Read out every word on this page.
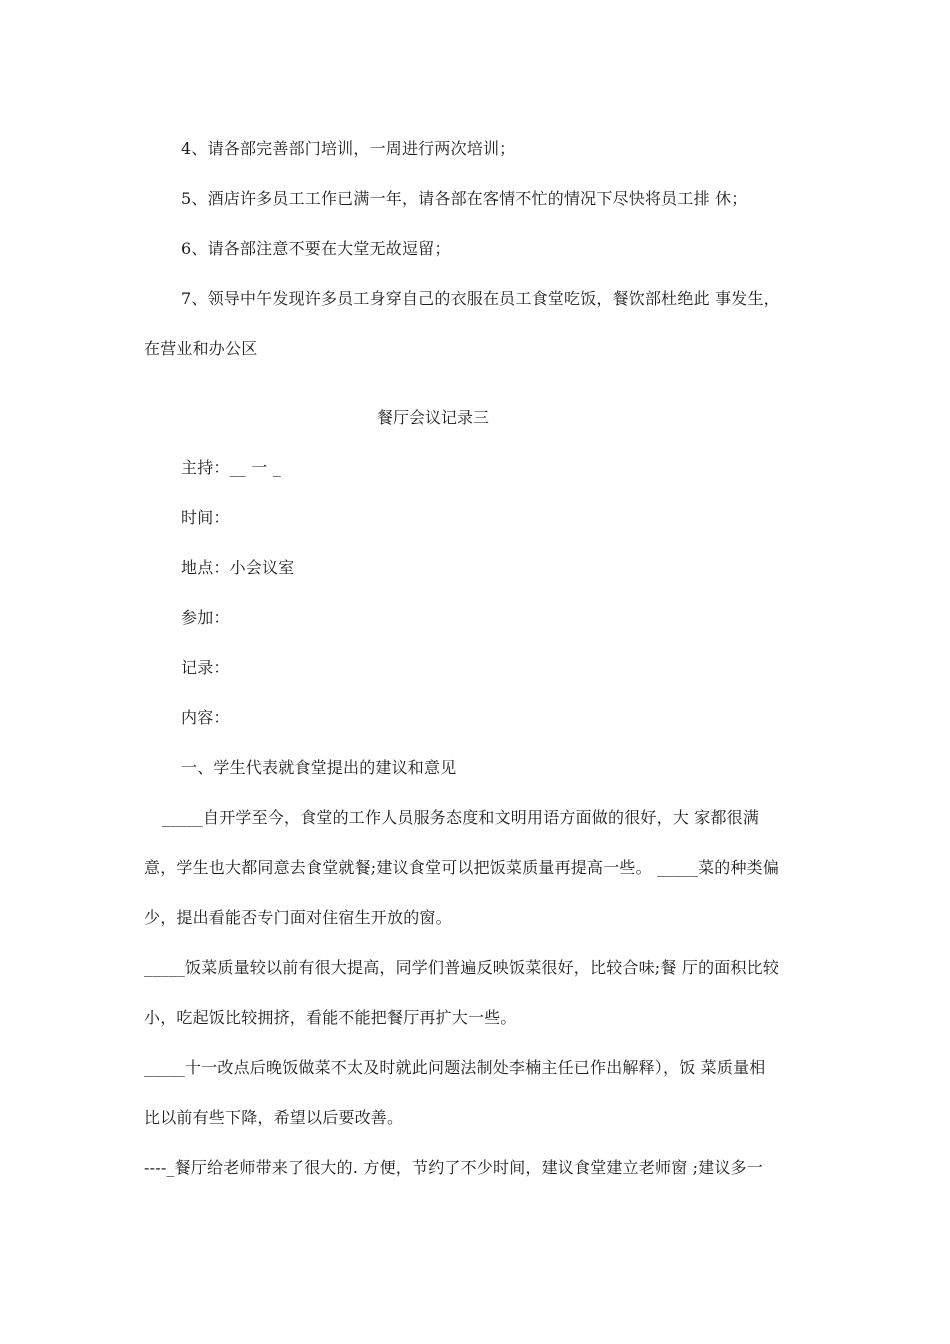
4、请各部完善部门培训，一周进行两次培训；
5、酒店许多员工工作已满一年，请各部在客情不忙的情况下尽快将员工排 休；
6、请各部注意不要在大堂无故逗留；
7、领导中午发现许多员工身穿自己的衣服在员工食堂吃饭，餐饮部杜绝此 事发生，
在营业和办公区
餐厅会议记录三
主持：__ 一 _
时间：
地点：小会议室
参加：
记录：
内容：
一、学生代表就食堂提出的建议和意见
_____自开学至今，食堂的工作人员服务态度和文明用语方面做的很好，大 家都很满
意，学生也大都同意去食堂就餐;建议食堂可以把饭菜质量再提高一些。 _____菜的种类偏
少，提出看能否专门面对住宿生开放的窗。
_____饭菜质量较以前有很大提高，同学们普遍反映饭菜很好，比较合味;餐 厅的面积比较
小，吃起饭比较拥挤，看能不能把餐厅再扩大一些。
_____十一改点后晚饭做菜不太及时就此问题法制处李楠主任已作出解释），饭 菜质量相
比以前有些下降，希望以后要改善。
----_餐厅给老师带来了很大的. 方便，节约了不少时间，建议食堂建立老师窗 ;建议多一
